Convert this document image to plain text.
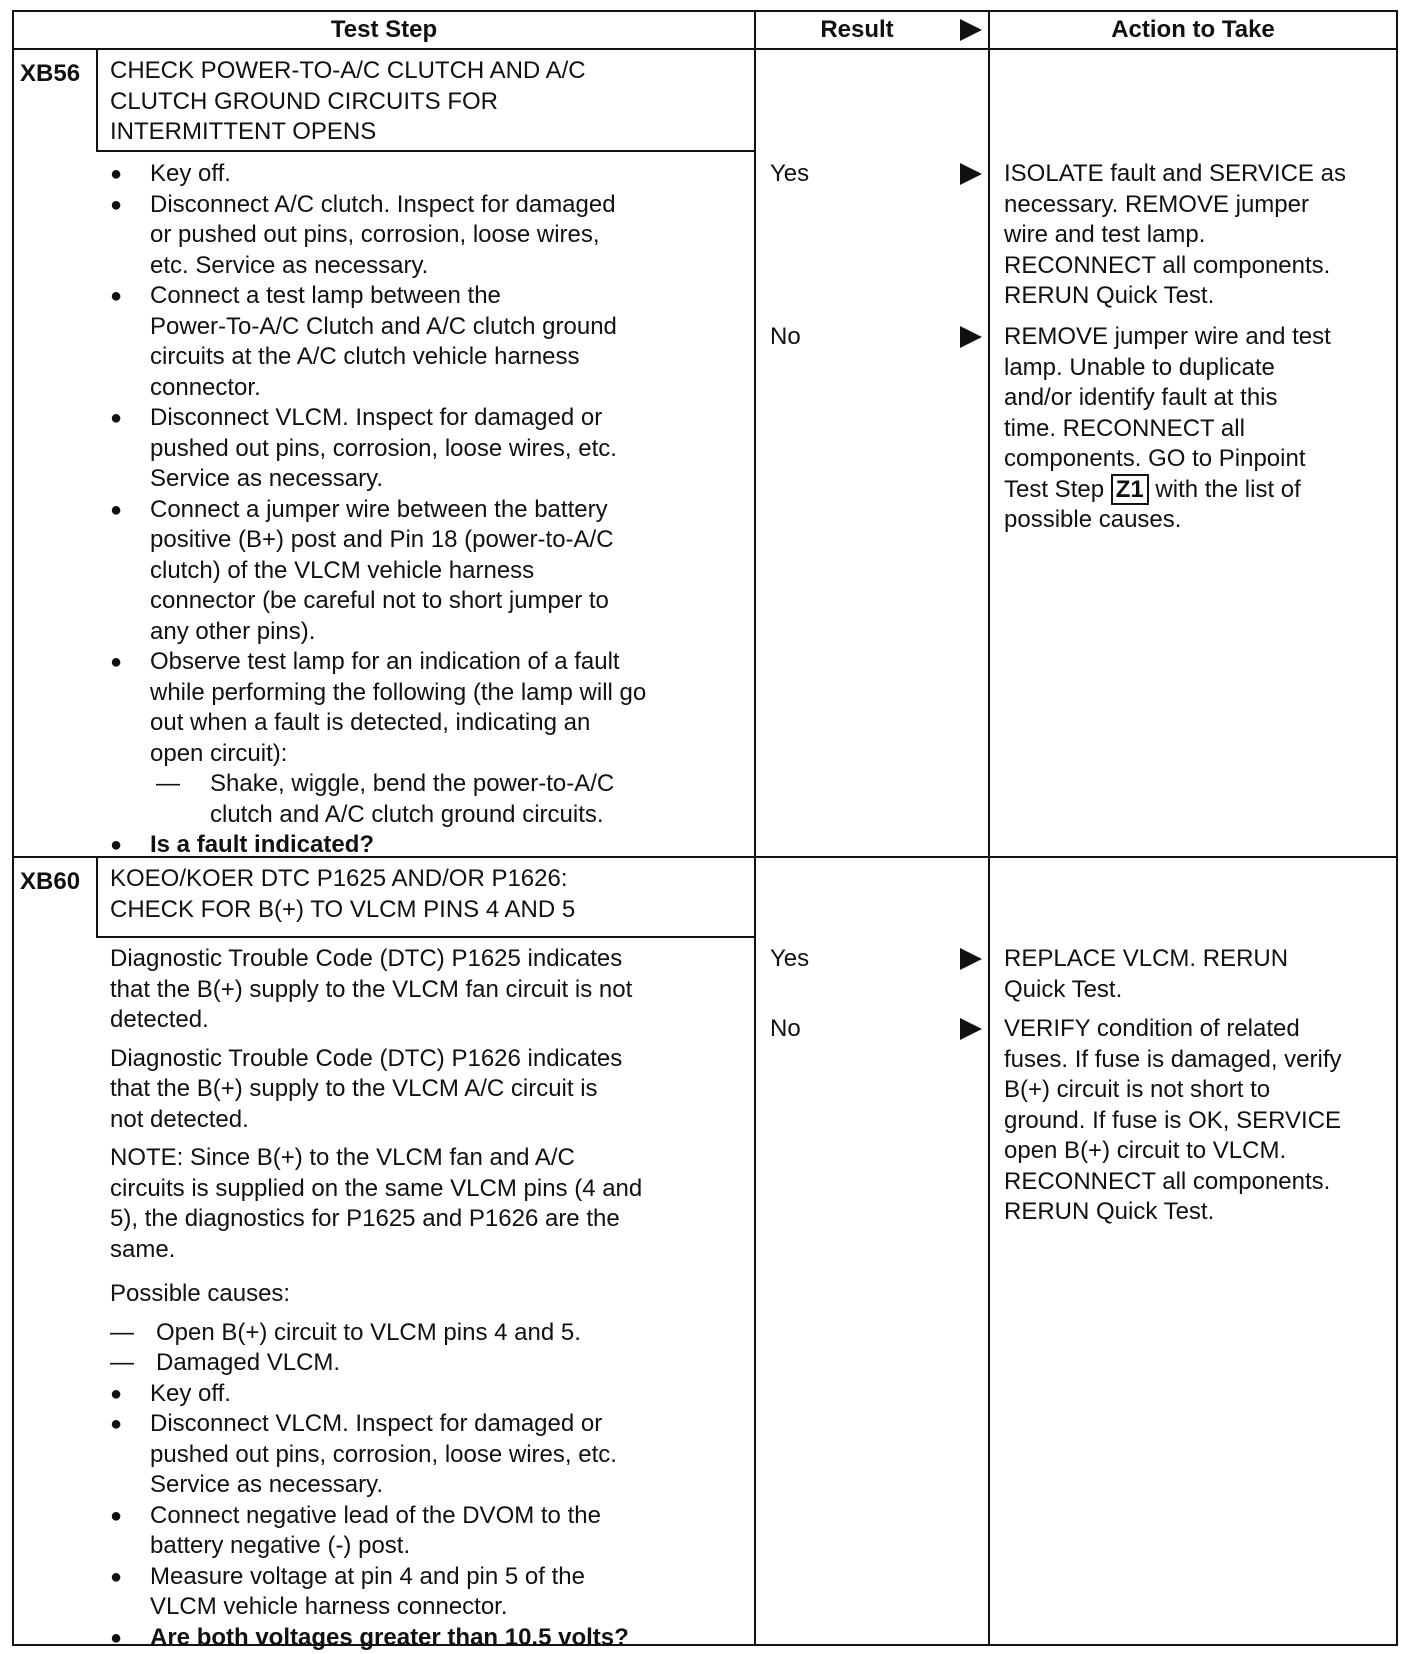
Test Step	Result	Action to Take
XB56 CHECK POWER-TO-A/C CLUTCH AND A/C
CLUTCH GROUND CIRCUITS FOR
INTERMITTENT OPENS
● Key off.
● Disconnect A/C clutch. Inspect for damaged
or pushed out pins, corrosion, loose wires,
etc. Service as necessary.
● Connect a test lamp between the
Power-To-A/C Clutch and A/C clutch ground
circuits at the A/C clutch vehicle harness
connector.
● Disconnect VLCM. Inspect for damaged or
pushed out pins, corrosion, loose wires, etc.
Service as necessary.
● Connect a jumper wire between the battery
positive (B+) post and Pin 18 (power-to-A/C
clutch) of the VLCM vehicle harness
connector (be careful not to short jumper to
any other pins).
● Observe test lamp for an indication of a fault
while performing the following (the lamp will go
out when a fault is detected, indicating an
open circuit):
— Shake, wiggle, bend the power-to-A/C
clutch and A/C clutch ground circuits.
● Is a fault indicated?
Yes	ISOLATE fault and SERVICE as
necessary. REMOVE jumper
wire and test lamp.
RECONNECT all components.
RERUN Quick Test.
No	REMOVE jumper wire and test
lamp. Unable to duplicate
and/or identify fault at this
time. RECONNECT all
components. GO to Pinpoint
Test Step Z1 with the list of
possible causes.
XB60 KOEO/KOER DTC P1625 AND/OR P1626:
CHECK FOR B(+) TO VLCM PINS 4 AND 5

Diagnostic Trouble Code (DTC) P1625 indicates
that the B(+) supply to the VLCM fan circuit is not
detected.

Diagnostic Trouble Code (DTC) P1626 indicates
that the B(+) supply to the VLCM A/C circuit is
not detected.

NOTE: Since B(+) to the VLCM fan and A/C
circuits is supplied on the same VLCM pins (4 and
5), the diagnostics for P1625 and P1626 are the
same.

Possible causes:

— Open B(+) circuit to VLCM pins 4 and 5.
— Damaged VLCM.
● Key off.
● Disconnect VLCM. Inspect for damaged or
pushed out pins, corrosion, loose wires, etc.
Service as necessary.
● Connect negative lead of the DVOM to the
battery negative (-) post.
● Measure voltage at pin 4 and pin 5 of the
VLCM vehicle harness connector.
● Are both voltages greater than 10.5 volts?
Yes	REPLACE VLCM. RERUN
Quick Test.
No	VERIFY condition of related
fuses. If fuse is damaged, verify
B(+) circuit is not short to
ground. If fuse is OK, SERVICE
open B(+) circuit to VLCM.
RECONNECT all components.
RERUN Quick Test.
